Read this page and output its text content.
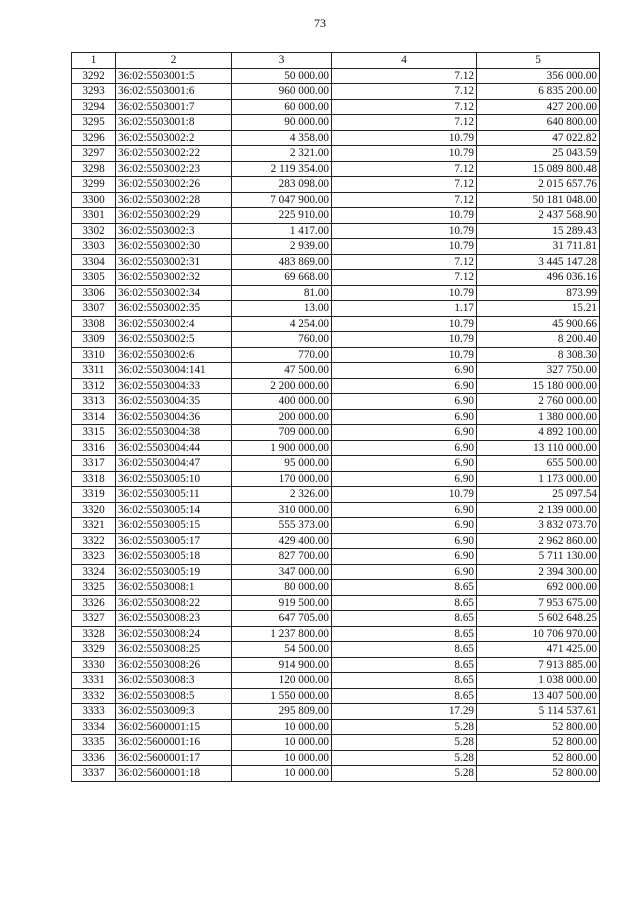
73
1	2	3	4	5
3292	36:02:5503001:5	50 000.00	7.12	356 000.00
3293	36:02:5503001:6	960 000.00	7.12	6 835 200.00
3294	36:02:5503001:7	60 000.00	7.12	427 200.00
3295	36:02:5503001:8	90 000.00	7.12	640 800.00
3296	36:02:5503002:2	4 358.00	10.79	47 022.82
3297	36:02:5503002:22	2 321.00	10.79	25 043.59
3298	36:02:5503002:23	2 119 354.00	7.12	15 089 800.48
3299	36:02:5503002:26	283 098.00	7.12	2 015 657.76
3300	36:02:5503002:28	7 047 900.00	7.12	50 181 048.00
3301	36:02:5503002:29	225 910.00	10.79	2 437 568.90
3302	36:02:5503002:3	1 417.00	10.79	15 289.43
3303	36:02:5503002:30	2 939.00	10.79	31 711.81
3304	36:02:5503002:31	483 869.00	7.12	3 445 147.28
3305	36:02:5503002:32	69 668.00	7.12	496 036.16
3306	36:02:5503002:34	81.00	10.79	873.99
3307	36:02:5503002:35	13.00	1.17	15.21
3308	36:02:5503002:4	4 254.00	10.79	45 900.66
3309	36:02:5503002:5	760.00	10.79	8 200.40
3310	36:02:5503002:6	770.00	10.79	8 308.30
3311	36:02:5503004:141	47 500.00	6.90	327 750.00
3312	36:02:5503004:33	2 200 000.00	6.90	15 180 000.00
3313	36:02:5503004:35	400 000.00	6.90	2 760 000.00
3314	36:02:5503004:36	200 000.00	6.90	1 380 000.00
3315	36:02:5503004:38	709 000.00	6.90	4 892 100.00
3316	36:02:5503004:44	1 900 000.00	6.90	13 110 000.00
3317	36:02:5503004:47	95 000.00	6.90	655 500.00
3318	36:02:5503005:10	170 000.00	6.90	1 173 000.00
3319	36:02:5503005:11	2 326.00	10.79	25 097.54
3320	36:02:5503005:14	310 000.00	6.90	2 139 000.00
3321	36:02:5503005:15	555 373.00	6.90	3 832 073.70
3322	36:02:5503005:17	429 400.00	6.90	2 962 860.00
3323	36:02:5503005:18	827 700.00	6.90	5 711 130.00
3324	36:02:5503005:19	347 000.00	6.90	2 394 300.00
3325	36:02:5503008:1	80 000.00	8.65	692 000.00
3326	36:02:5503008:22	919 500.00	8.65	7 953 675.00
3327	36:02:5503008:23	647 705.00	8.65	5 602 648.25
3328	36:02:5503008:24	1 237 800.00	8.65	10 706 970.00
3329	36:02:5503008:25	54 500.00	8.65	471 425.00
3330	36:02:5503008:26	914 900.00	8.65	7 913 885.00
3331	36:02:5503008:3	120 000.00	8.65	1 038 000.00
3332	36:02:5503008:5	1 550 000.00	8.65	13 407 500.00
3333	36:02:5503009:3	295 809.00	17.29	5 114 537.61
3334	36:02:5600001:15	10 000.00	5.28	52 800.00
3335	36:02:5600001:16	10 000.00	5.28	52 800.00
3336	36:02:5600001:17	10 000.00	5.28	52 800.00
3337	36:02:5600001:18	10 000.00	5.28	52 800.00
